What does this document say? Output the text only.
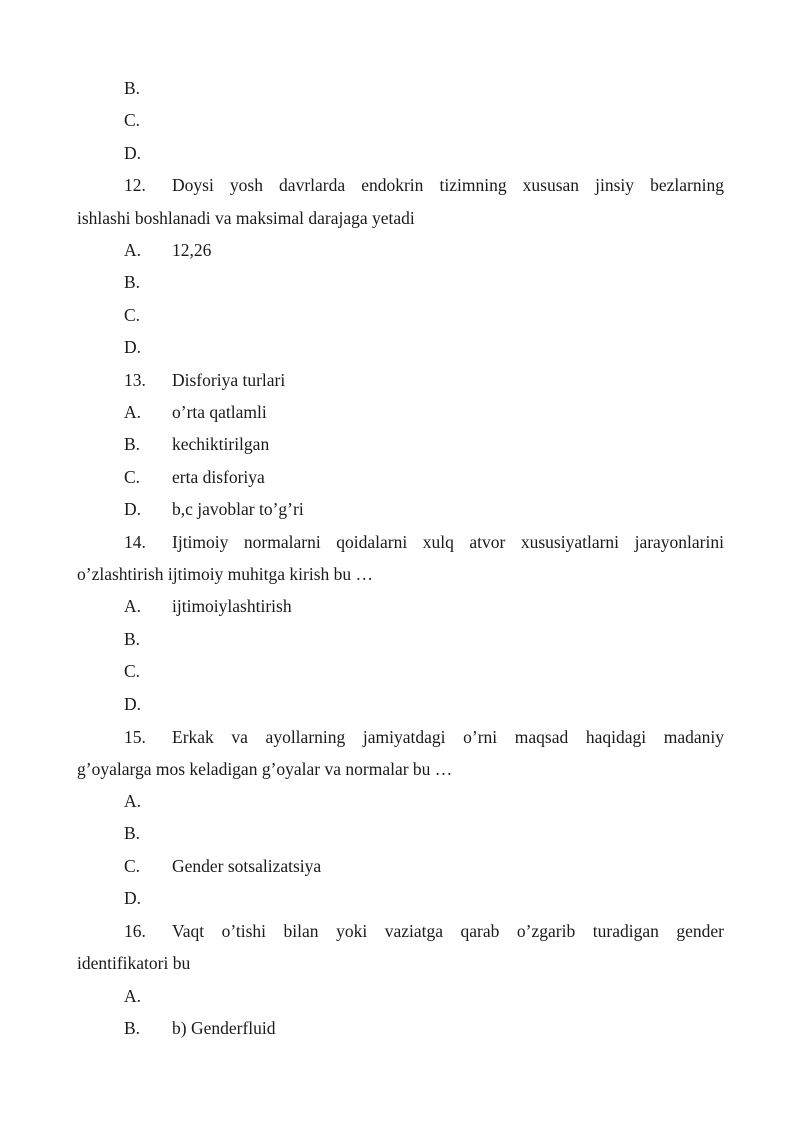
B.
C.
D.
12. Doysi yosh davrlarda endokrin tizimning xususan jinsiy bezlarning
ishlashi boshlanadi va maksimal darajaga yetadi
A. 12,26
B.
C.
D.
13. Disforiya turlari
A. o’rta qatlamli
B. kechiktirilgan
C. erta disforiya
D. b,c javoblar to’g’ri
14. Ijtimoiy normalarni qoidalarni xulq atvor xususiyatlarni jarayonlarini
o’zlashtirish ijtimoiy muhitga kirish bu …
A. ijtimoiylashtirish
B.
C.
D.
15. Erkak va ayollarning jamiyatdagi o’rni maqsad haqidagi madaniy
g’oyalarga mos keladigan g’oyalar va normalar bu …
A.
B.
C. Gender sotsalizatsiya
D.
16. Vaqt o’tishi bilan yoki vaziatga qarab o’zgarib turadigan gender
identifikatori bu
A.
B. b) Genderfluid
